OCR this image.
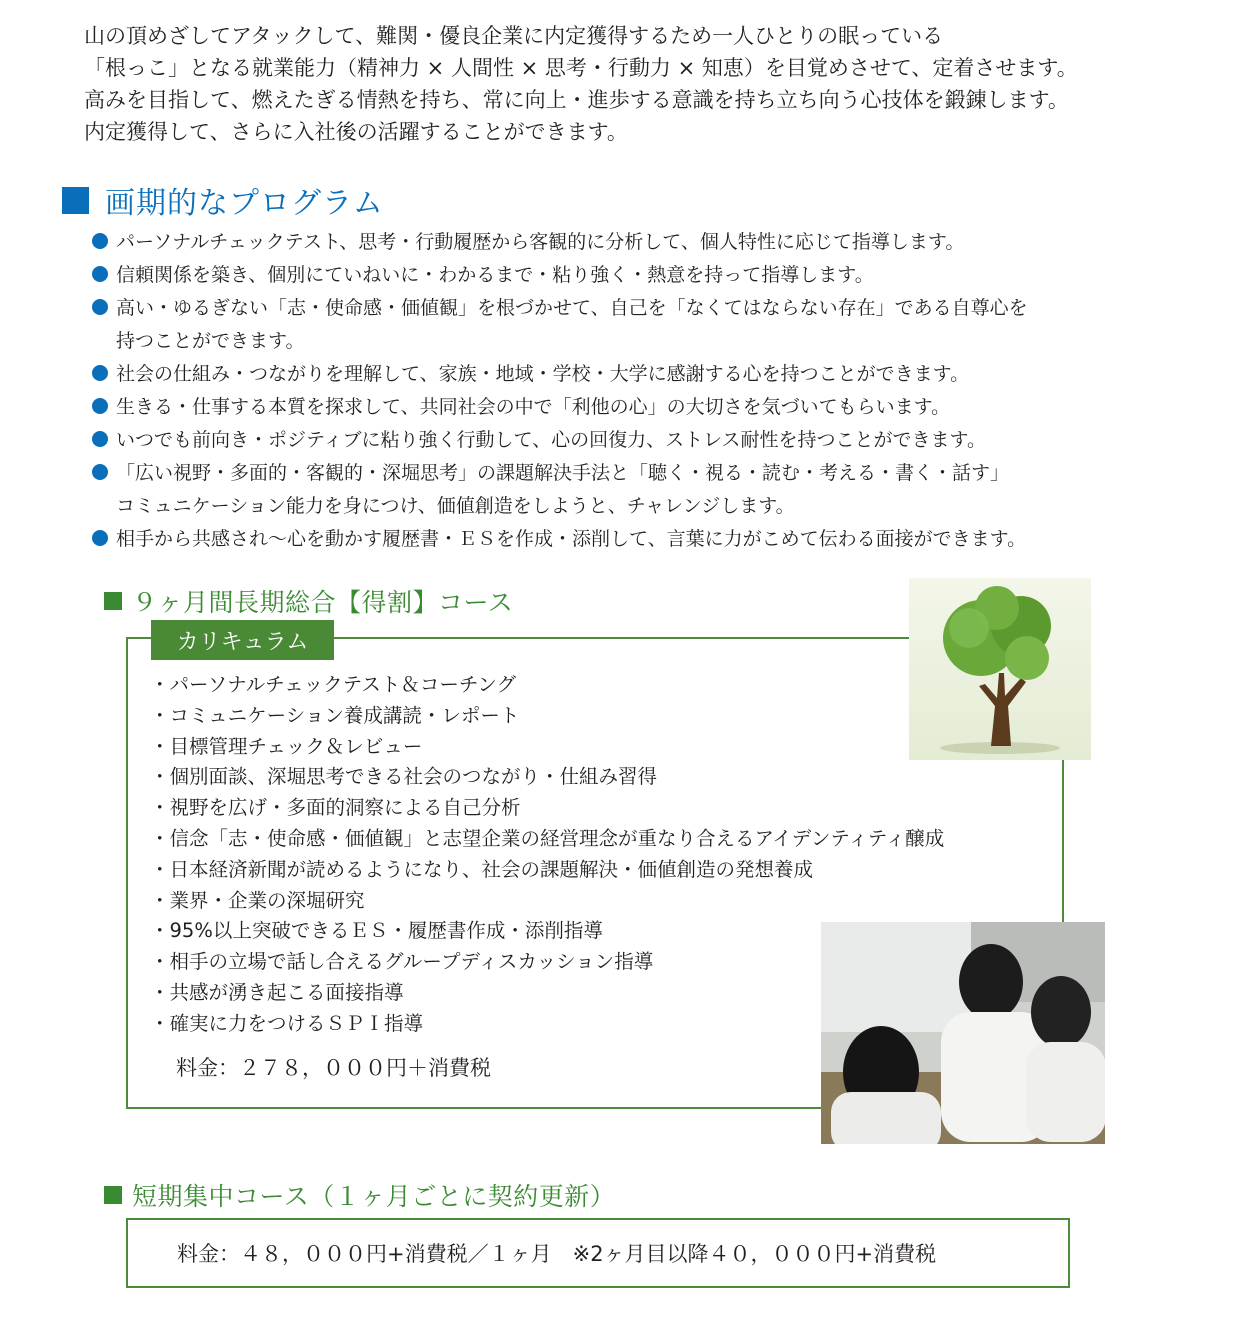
山の頂めざしてアタックして、難関・優良企業に内定獲得するため一人ひとりの眠っている
「根っこ」となる就業能力（精神力 × 人間性 × 思考・行動力 × 知恵）を目覚めさせて、定着させます。
高みを目指して、燃えたぎる情熱を持ち、常に向上・進歩する意識を持ち立ち向う心技体を鍛錬します。
内定獲得して、さらに入社後の活躍することができます。
画期的なプログラム
パーソナルチェックテスト、思考・行動履歴から客観的に分析して、個人特性に応じて指導します。
信頼関係を築き、個別にていねいに・わかるまで・粘り強く・熱意を持って指導します。
高い・ゆるぎない「志・使命感・価値観」を根づかせて、自己を「なくてはならない存在」である自尊心を
持つことができます。
社会の仕組み・つながりを理解して、家族・地域・学校・大学に感謝する心を持つことができます。
生きる・仕事する本質を探求して、共同社会の中で「利他の心」の大切さを気づいてもらいます。
いつでも前向き・ポジティブに粘り強く行動して、心の回復力、ストレス耐性を持つことができます。
「広い視野・多面的・客観的・深堀思考」の課題解決手法と「聴く・視る・読む・考える・書く・話す」
コミュニケーション能力を身につけ、価値創造をしようと、チャレンジします。
相手から共感され～心を動かす履歴書・ＥＳを作成・添削して、言葉に力がこめて伝わる面接ができます。
９ヶ月間長期総合【得割】コース
カリキュラム
・パーソナルチェックテスト＆コーチング
・コミュニケーション養成講読・レポート
・目標管理チェック＆レビュー
・個別面談、深堀思考できる社会のつながり・仕組み習得
・視野を広げ・多面的洞察による自己分析
・信念「志・使命感・価値観」と志望企業の経営理念が重なり合えるアイデンティティ醸成
・日本経済新聞が読めるようになり、社会の課題解決・価値創造の発想養成
・業界・企業の深堀研究
・95%以上突破できるＥＳ・履歴書作成・添削指導
・相手の立場で話し合えるグループディスカッション指導
・共感が湧き起こる面接指導
・確実に力をつけるＳＰＩ指導
料金：２７８，０００円＋消費税
短期集中コース（１ヶ月ごとに契約更新）
料金：４８，０００円+消費税／１ヶ月　※2ヶ月目以降４０，０００円+消費税
